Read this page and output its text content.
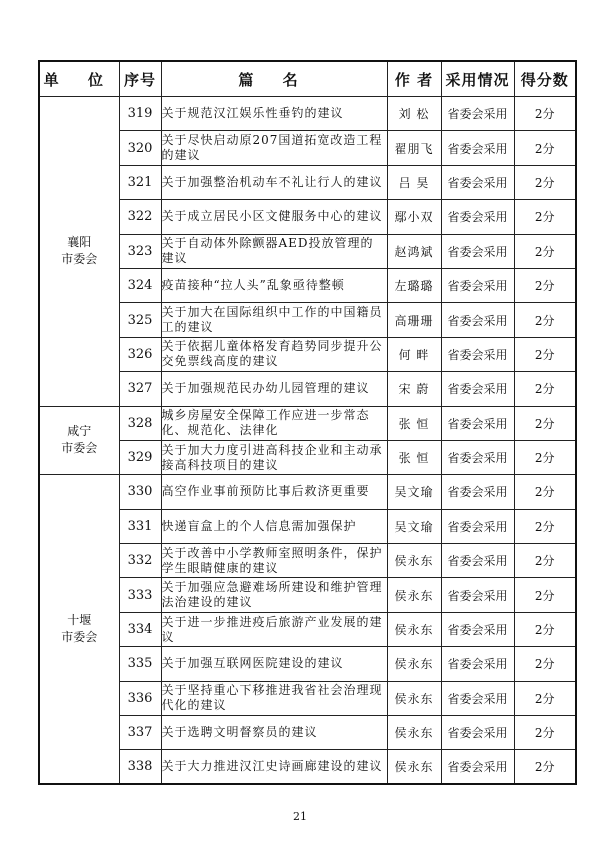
单 位	序号	篇 名	作 者	采用情况	得分数

襄阳
市委会	319	关于规范汉江娱乐性垂钓的建议	刘 松	省委会采用	2分
	320	关于尽快启动原207国道拓宽改造工程的建议	翟朋飞	省委会采用	2分
	321	关于加强整治机动车不礼让行人的建议	吕 昊	省委会采用	2分
	322	关于成立居民小区文健服务中心的建议	鄢小双	省委会采用	2分
	323	关于自动体外除颤器AED投放管理的建议	赵鸿斌	省委会采用	2分
	324	疫苗接种“拉人头”乱象亟待整顿	左璐璐	省委会采用	2分
	325	关于加大在国际组织中工作的中国籍员工的建议	高珊珊	省委会采用	2分
	326	关于依据儿童体格发育趋势同步提升公交免票线高度的建议	何 畔	省委会采用	2分
	327	关于加强规范民办幼儿园管理的建议	宋 蔚	省委会采用	2分

咸宁
市委会	328	城乡房屋安全保障工作应进一步常态化、规范化、法律化	张 恒	省委会采用	2分
	329	关于加大力度引进高科技企业和主动承接高科技项目的建议	张 恒	省委会采用	2分

十堰
市委会	330	高空作业事前预防比事后救济更重要	吴文瑜	省委会采用	2分
	331	快递盲盒上的个人信息需加强保护	吴文瑜	省委会采用	2分
	332	关于改善中小学教师室照明条件，保护学生眼睛健康的建议	侯永东	省委会采用	2分
	333	关于加强应急避难场所建设和维护管理法治建设的建议	侯永东	省委会采用	2分
	334	关于进一步推进疫后旅游产业发展的建议	侯永东	省委会采用	2分
	335	关于加强互联网医院建设的建议	侯永东	省委会采用	2分
	336	关于坚持重心下移推进我省社会治理现代化的建议	侯永东	省委会采用	2分
	337	关于选聘文明督察员的建议	侯永东	省委会采用	2分
	338	关于大力推进汉江史诗画廊建设的建议	侯永东	省委会采用	2分
21
